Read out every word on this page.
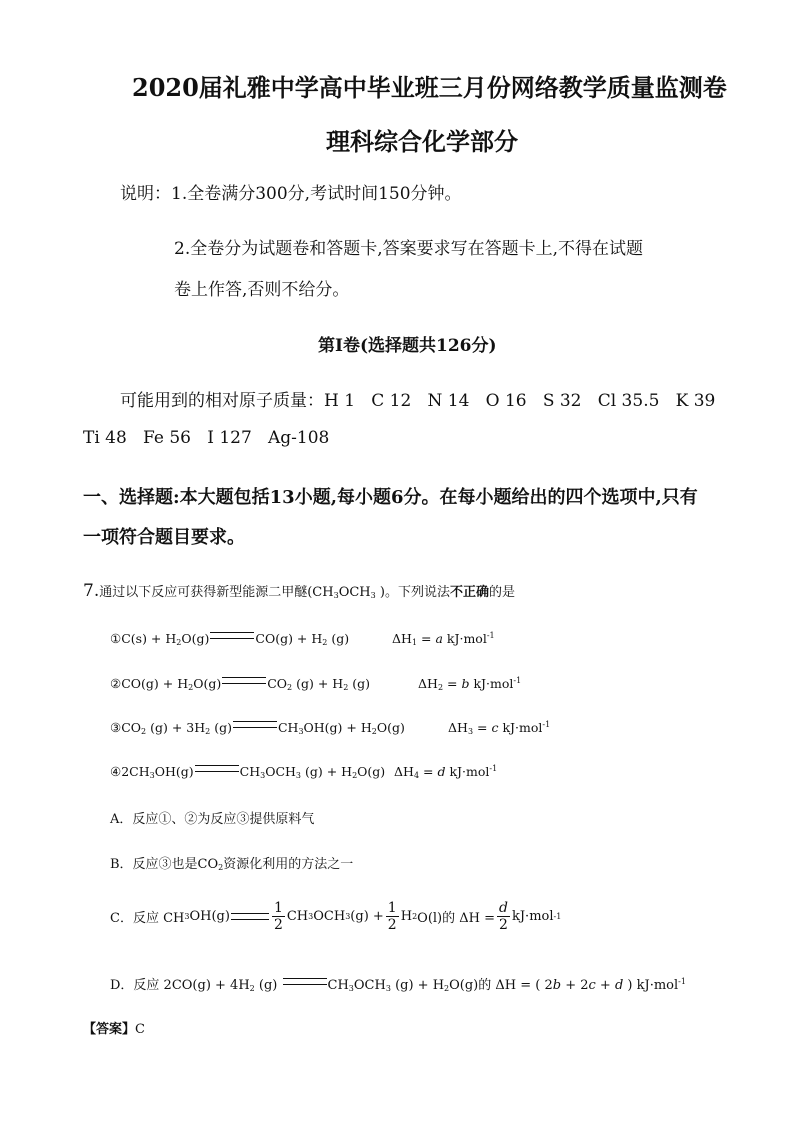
2020届礼雅中学高中毕业班三月份网络教学质量监测卷
理科综合化学部分
说明：1.全卷满分300分,考试时间150分钟。
2.全卷分为试题卷和答题卡,答案要求写在答题卡上,不得在试题
卷上作答,否则不给分。
第Ⅰ卷(选择题共126分)
可能用到的相对原子质量：H 1   C 12   N 14   O 16   S 32   Cl 35.5   K 39
Ti 48   Fe 56   I 127   Ag-108
一、选择题:本大题包括13小题,每小题6分。在每小题给出的四个选项中,只有
一项符合题目要求。
7.通过以下反应可获得新型能源二甲醚($CH_3OCH_3$ )。下列说法不正确的是
①C(s) + $H_2O(g)$	$CO(g) + H_2$ (g)	$\Delta H_1 = a$ kJ·mol$^{-1}$
②CO(g) + $H_2O(g)$	$CO_2$ $(g) + H_2$ (g)	$\Delta H_2 = b$ kJ·mol$^{-1}$
$③CO_2$ $(g) + 3H_2$ (g)	$CH_3OH(g) + H_2O(g)$	$\Delta H_3 = c$ kJ·mol$^{-1}$
$④2CH_3OH(g)$	$CH_3OCH_3$ $(g) + H_2O(g) \Delta H_4 = d$ kJ·mol$^{-1}$
A．反应①、②为反应③提供原料气
B．反应③也是$CO_2$资源化利用的方法之一
C．反应 CH 3 OH(g)	$\frac{1}{2}$ CH 3 OCH 3 $(g) + \frac{1}{2}$ H 2 O(l)的 $\Delta H = \frac{d}{2} kJ\cdot mol$ -1
D．反应 $2CO(g) + 4H_2$ (g)	$CH_3OCH_3$ $(g) + H_2O(g)$的 ΔH = ( 2b + 2c + d ) kJ·mol$^{-1}$
【答案】C
